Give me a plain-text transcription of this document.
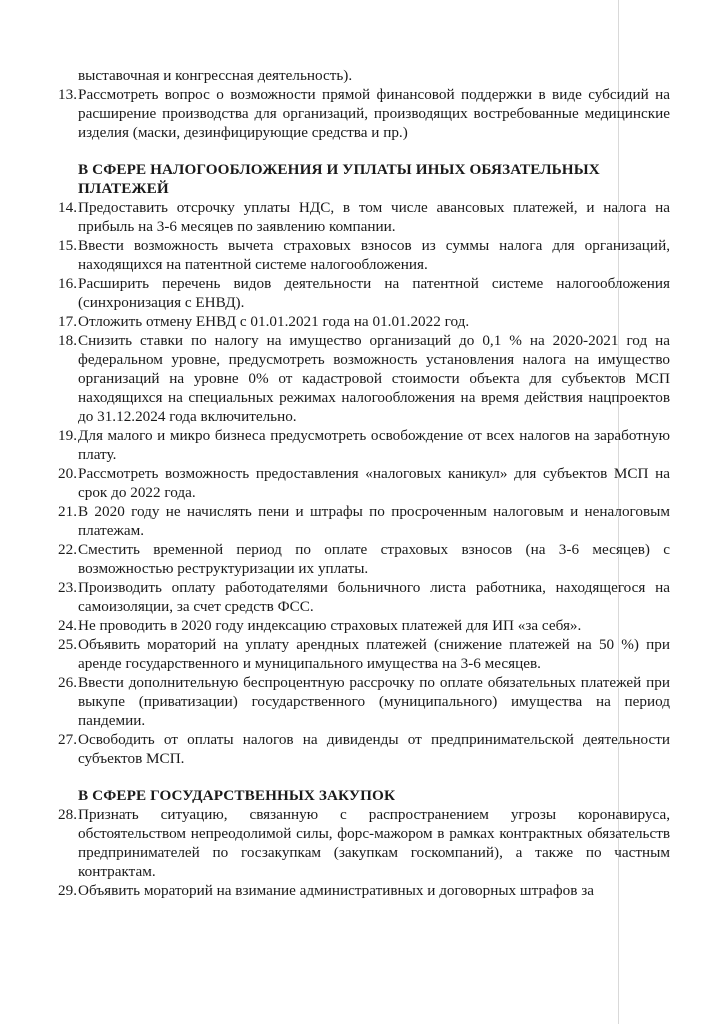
выставочная и конгрессная деятельность).
13. Рассмотреть вопрос о возможности прямой финансовой поддержки в виде субсидий на расширение производства для организаций, производящих востребованные медицинские изделия (маски, дезинфицирующие средства и пр.)
В СФЕРЕ НАЛОГООБЛОЖЕНИЯ И УПЛАТЫ ИНЫХ ОБЯЗАТЕЛЬНЫХ ПЛАТЕЖЕЙ
14. Предоставить отсрочку уплаты НДС, в том числе авансовых платежей, и налога на прибыль на 3-6 месяцев по заявлению компании.
15. Ввести возможность вычета страховых взносов из суммы налога для организаций, находящихся на патентной системе налогообложения.
16. Расширить перечень видов деятельности на патентной системе налогообложения (синхронизация с ЕНВД).
17. Отложить отмену ЕНВД с 01.01.2021 года на 01.01.2022 год.
18. Снизить ставки по налогу на имущество организаций до 0,1 % на 2020-2021 год на федеральном уровне, предусмотреть возможность установления налога на имущество организаций на уровне 0% от кадастровой стоимости объекта для субъектов МСП находящихся на специальных режимах налогообложения на время действия нацпроектов до 31.12.2024 года включительно.
19. Для малого и микро бизнеса предусмотреть освобождение от всех налогов на заработную плату.
20. Рассмотреть возможность предоставления «налоговых каникул» для субъектов МСП на срок до 2022 года.
21. В 2020 году не начислять пени и штрафы по просроченным налоговым и неналоговым платежам.
22. Сместить временной период по оплате страховых взносов (на 3-6 месяцев) с возможностью реструктуризации их уплаты.
23. Производить оплату работодателями больничного листа работника, находящегося на самоизоляции, за счет средств ФСС.
24. Не проводить в 2020 году индексацию страховых платежей для ИП «за себя».
25. Объявить мораторий на уплату арендных платежей (снижение платежей на 50 %) при аренде государственного и муниципального имущества на 3-6 месяцев.
26. Ввести дополнительную беспроцентную рассрочку по оплате обязательных платежей при выкупе (приватизации) государственного (муниципального) имущества на период пандемии.
27. Освободить от оплаты налогов на дивиденды от предпринимательской деятельности субъектов МСП.
В СФЕРЕ ГОСУДАРСТВЕННЫХ ЗАКУПОК
28. Признать ситуацию, связанную с распространением угрозы коронавируса, обстоятельством непреодолимой силы, форс-мажором в рамках контрактных обязательств предпринимателей по госзакупкам (закупкам госкомпаний), а также по частным контрактам.
29. Объявить мораторий на взимание административных и договорных штрафов за
